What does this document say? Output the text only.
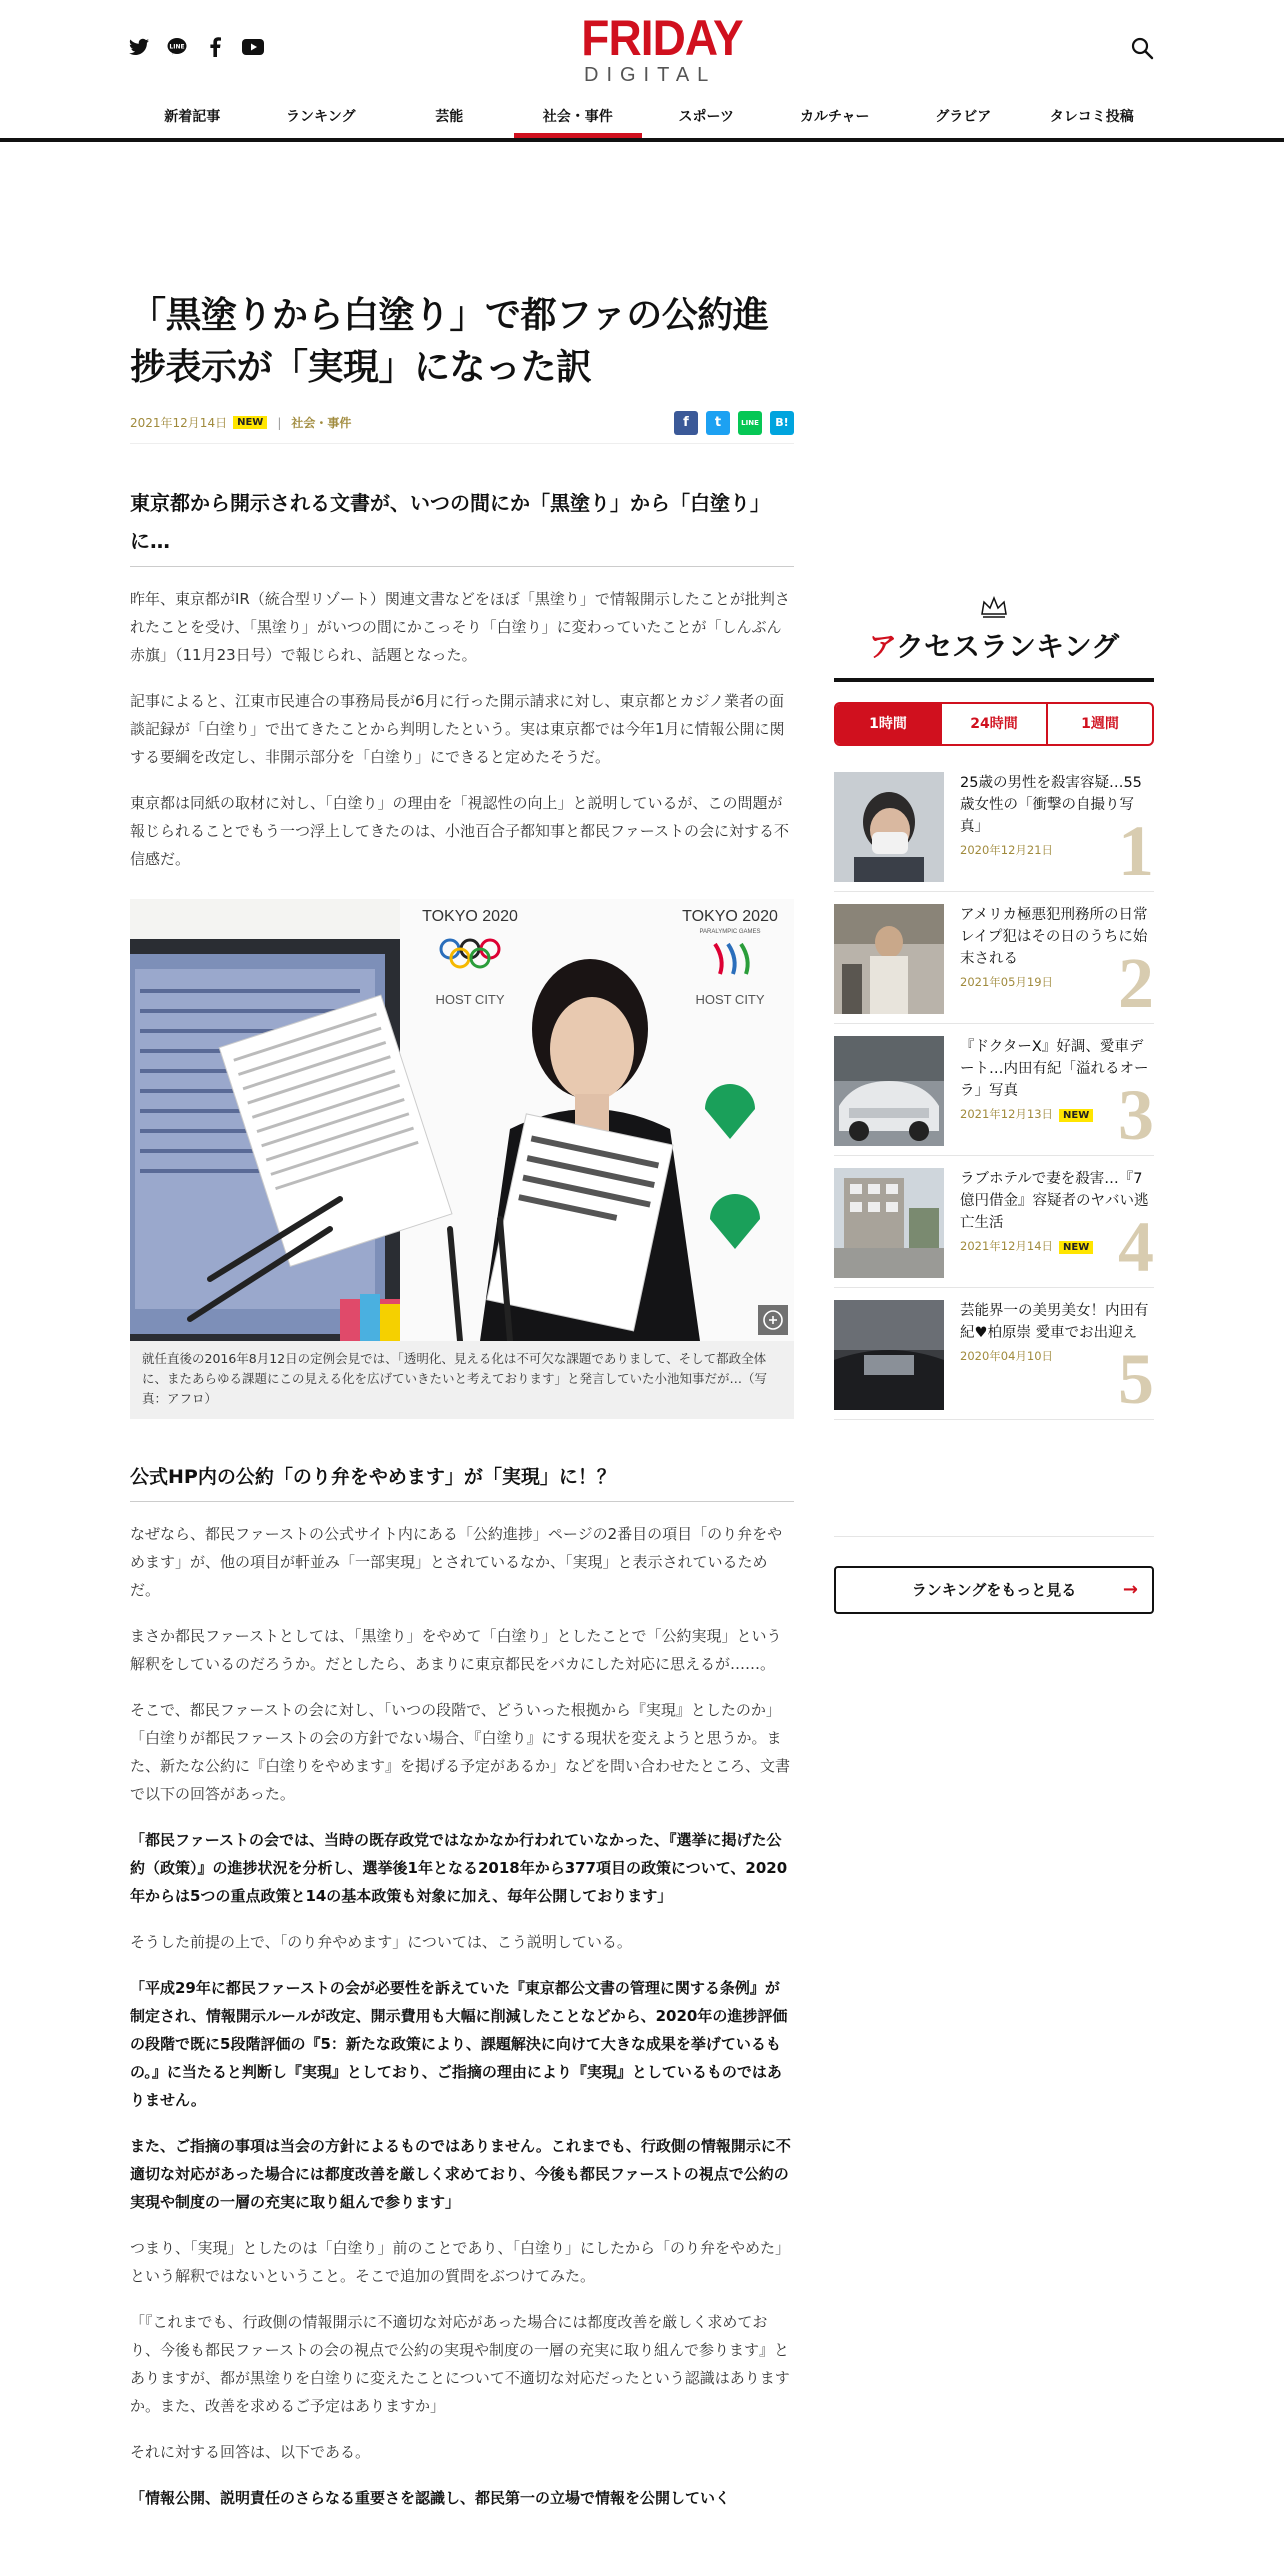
LINE	FRIDAY
DIGITAL
新着記事	ランキング	芸能	社会・事件	スポーツ	カルチャー	グラビア	タレコミ投稿
「黒塗りから白塗り」で都ファの公約進捗表示が「実現」になった訳
2021年12月14日	NEW	| 社会・事件	f	t	LINE	B!
東京都から開示される文書が、いつの間にか「黒塗り」から「白塗り」に…

昨年、東京都がIR（統合型リゾート）関連文書などをほぼ「黒塗り」で情報開示したことが批判されたことを受け、「黒塗り」がいつの間にかこっそり「白塗り」に変わっていたことが「しんぶん赤旗」（11月23日号）で報じられ、話題となった。

記事によると、江東市民連合の事務局長が6月に行った開示請求に対し、東京都とカジノ業者の面談記録が「白塗り」で出てきたことから判明したという。実は東京都では今年1月に情報公開に関する要綱を改定し、非開示部分を「白塗り」にできると定めたそうだ。

東京都は同紙の取材に対し、「白塗り」の理由を「視認性の向上」と説明しているが、この問題が報じられることでもう一つ浮上してきたのは、小池百合子都知事と都民ファーストの会に対する不信感だ。

TOKYO 2020
HOST CITY
TOKYO 2020
PARALYMPIC GAMES
HOST CITY
就任直後の2016年8月12日の定例会見では、「透明化、見える化は不可欠な課題でありまして、そして都政全体に、またあらゆる課題にこの見える化を広げていきたいと考えております」と発言していた小池知事だが…（写真：アフロ）
公式HP内の公約「のり弁をやめます」が「実現」に！？

なぜなら、都民ファーストの公式サイト内にある「公約進捗」ページの2番目の項目「のり弁をやめます」が、他の項目が軒並み「一部実現」とされているなか、「実現」と表示されているためだ。

まさか都民ファーストとしては、「黒塗り」をやめて「白塗り」としたことで「公約実現」という解釈をしているのだろうか。だとしたら、あまりに東京都民をバカにした対応に思えるが……。

そこで、都民ファーストの会に対し、「いつの段階で、どういった根拠から『実現』としたのか」「白塗りが都民ファーストの会の方針でない場合、『白塗り』にする現状を変えようと思うか。また、新たな公約に『白塗りをやめます』を掲げる予定があるか」などを問い合わせたところ、文書で以下の回答があった。

「都民ファーストの会では、当時の既存政党ではなかなか行われていなかった、『選挙に掲げた公約（政策）』の進捗状況を分析し、選挙後1年となる2018年から377項目の政策について、2020年からは5つの重点政策と14の基本政策も対象に加え、毎年公開しております」

そうした前提の上で、「のり弁やめます」については、こう説明している。

「平成29年に都民ファーストの会が必要性を訴えていた『東京都公文書の管理に関する条例』が制定され、情報開示ルールが改定、開示費用も大幅に削減したことなどから、2020年の進捗評価の段階で既に5段階評価の『5：新たな政策により、課題解決に向けて大きな成果を挙げているもの。』に当たると判断し『実現』としており、ご指摘の理由により『実現』としているものではありません。

また、ご指摘の事項は当会の方針によるものではありません。これまでも、行政側の情報開示に不適切な対応があった場合には都度改善を厳しく求めており、今後も都民ファーストの視点で公約の実現や制度の一層の充実に取り組んで参ります」

つまり、「実現」としたのは「白塗り」前のことであり、「白塗り」にしたから「のり弁をやめた」という解釈ではないということ。そこで追加の質問をぶつけてみた。

「『これまでも、行政側の情報開示に不適切な対応があった場合には都度改善を厳しく求めており、今後も都民ファーストの会の視点で公約の実現や制度の一層の充実に取り組んで参ります』とありますが、都が黒塗りを白塗りに変えたことについて不適切な対応だったという認識はありますか。また、改善を求めるご予定はありますか」

それに対する回答は、以下である。

「情報公開、説明責任のさらなる重要さを認識し、都民第一の立場で情報を公開していく

アクセスランキング
1時間	24時間	1週間
25歳の男性を殺害容疑…55歳女性の「衝撃の自撮り写真」
2020年12月21日 1
アメリカ極悪犯刑務所の日常 レイプ犯はその日のうちに始末される
2021年05月19日 2
『ドクターX』好調、愛車デート…内田有紀「溢れるオーラ」写真
2021年12月13日 NEW 3
ラブホテルで妻を殺害…『7億円借金』容疑者のヤバい逃亡生活
2021年12月14日 NEW 4
芸能界一の美男美女！内田有紀♥柏原崇 愛車でお出迎え
2020年04月10日 5
ランキングをもっと見る	→
